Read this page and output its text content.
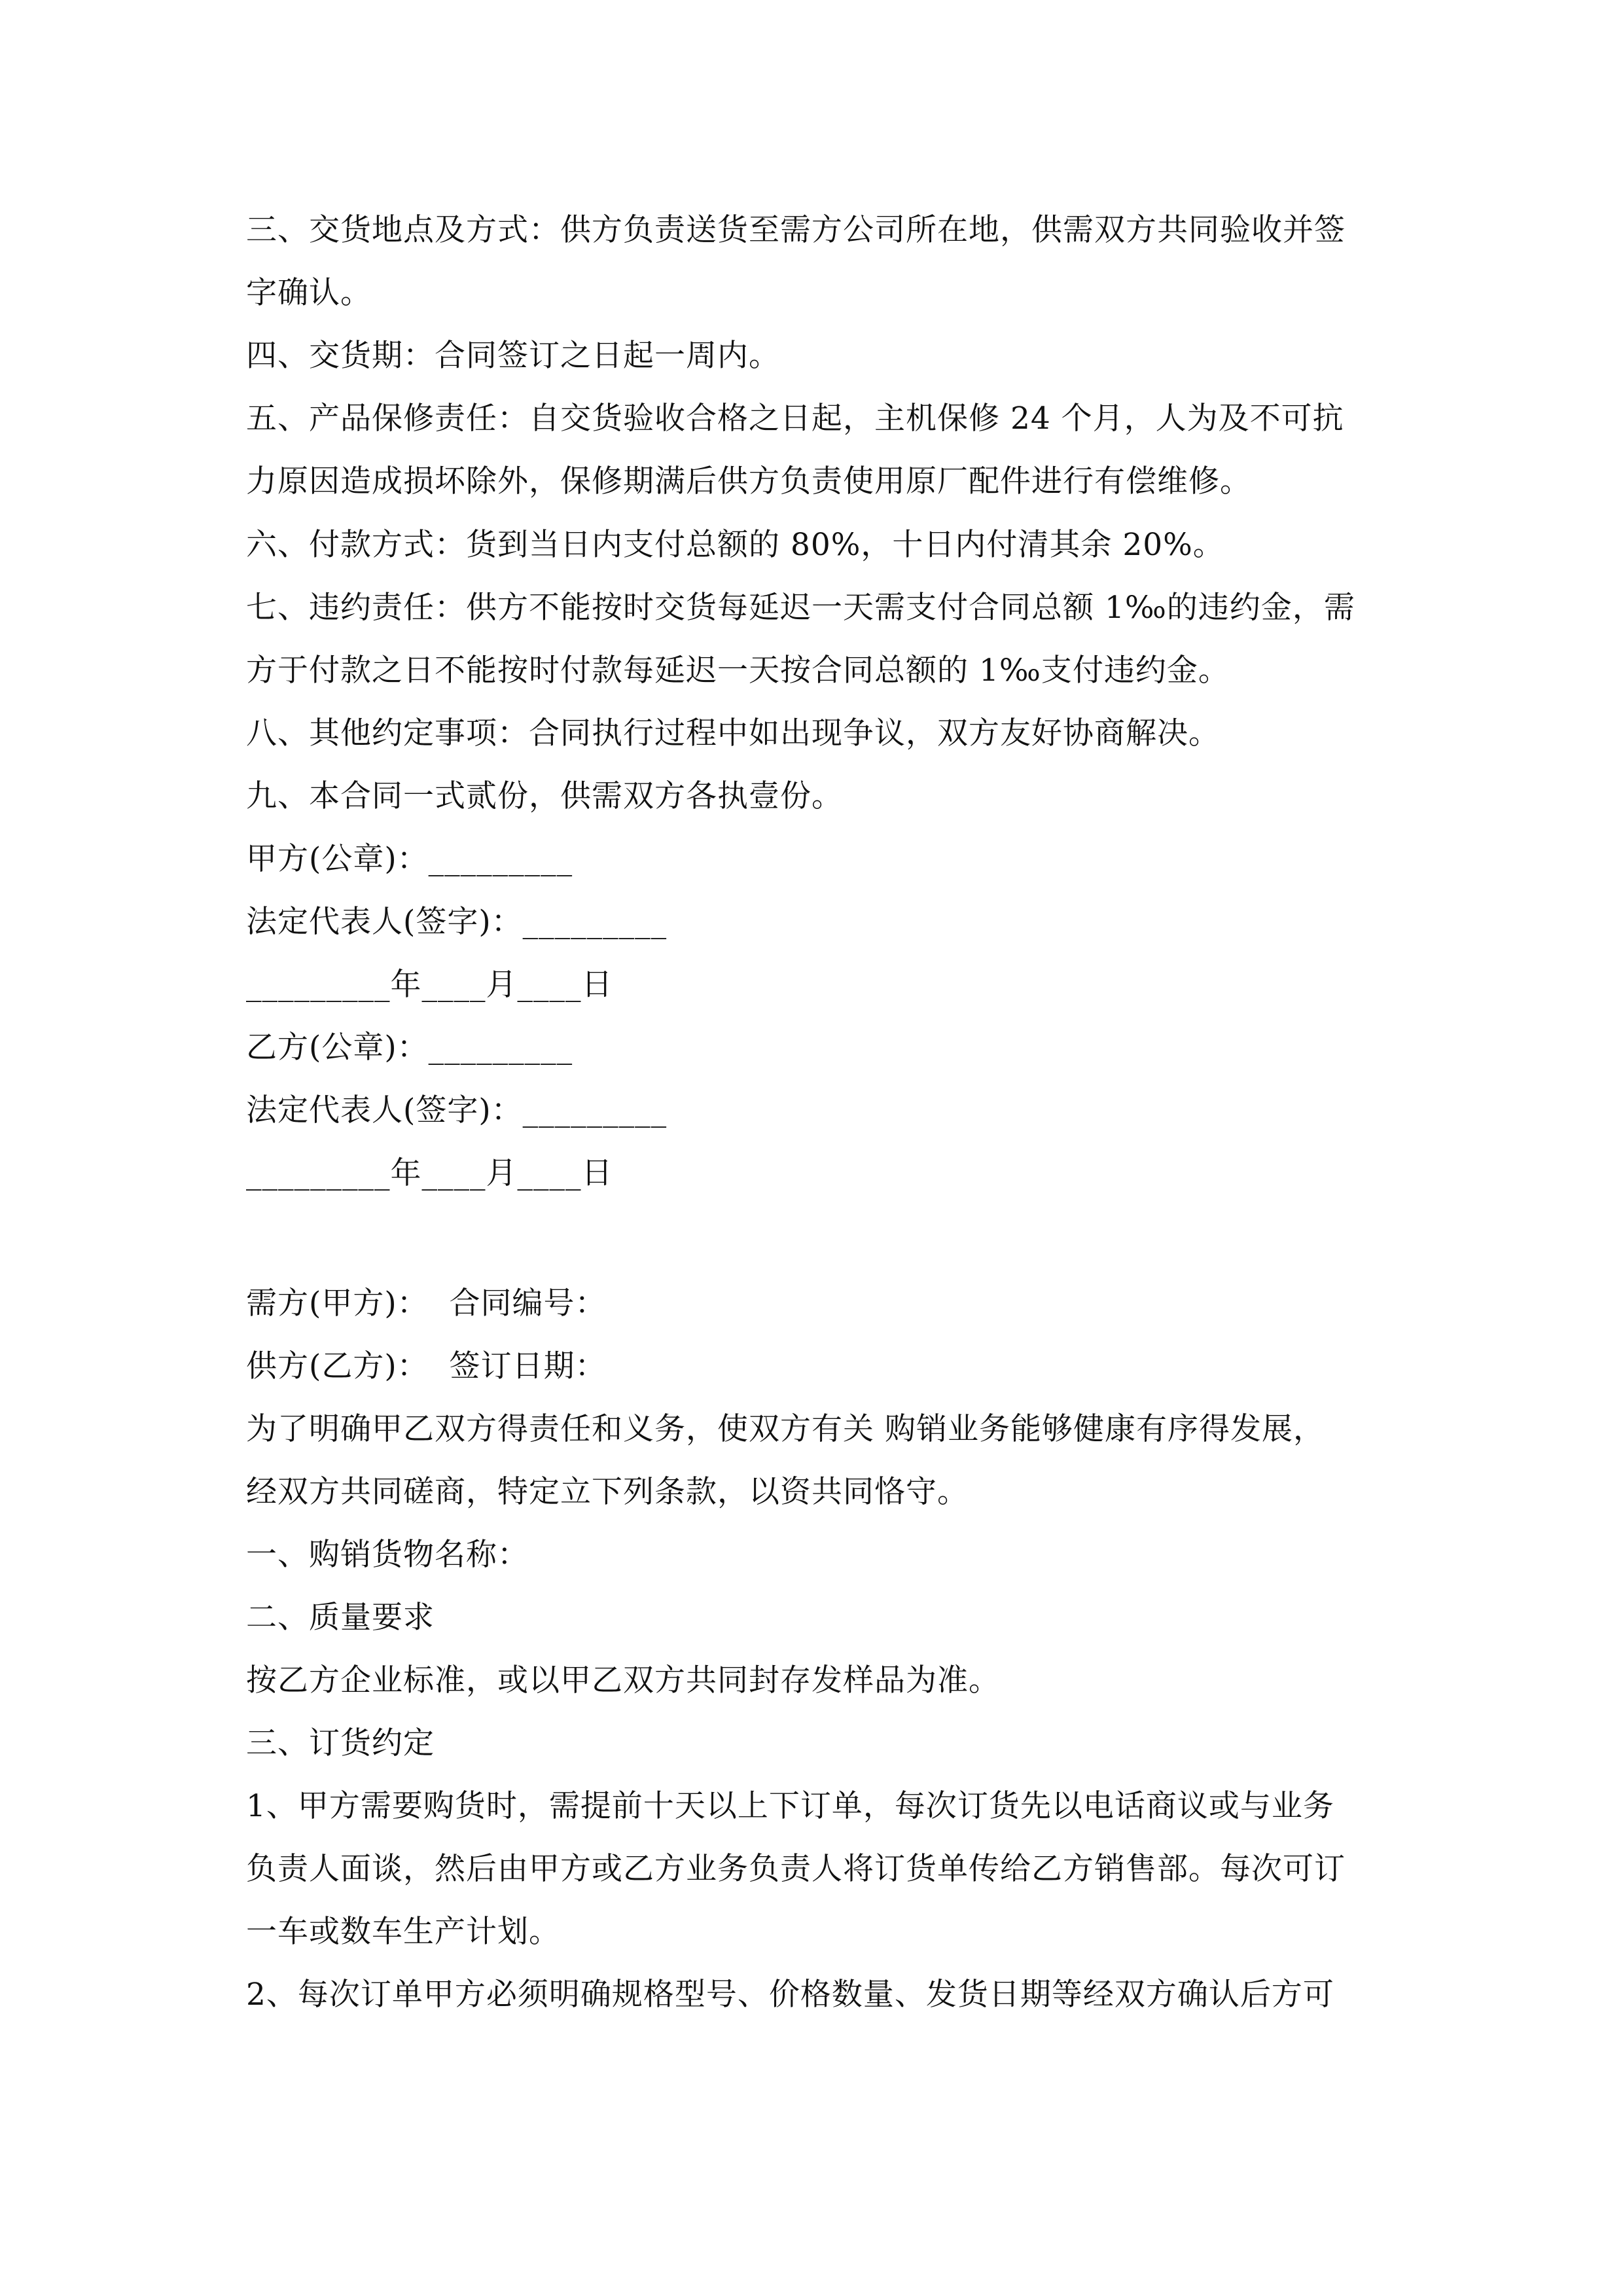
三、交货地点及方式：供方负责送货至需方公司所在地，供需双方共同验收并签
字确认。
四、交货期：合同签订之日起一周内。
五、产品保修责任：自交货验收合格之日起，主机保修 24 个月，人为及不可抗
力原因造成损坏除外，保修期满后供方负责使用原厂配件进行有偿维修。
六、付款方式：货到当日内支付总额的 80%，十日内付清其余 20%。
七、违约责任：供方不能按时交货每延迟一天需支付合同总额 1‰的违约金，需
方于付款之日不能按时付款每延迟一天按合同总额的 1‰支付违约金。
八、其他约定事项：合同执行过程中如出现争议，双方友好协商解决。
九、本合同一式贰份，供需双方各执壹份。
甲方(公章)：_________
法定代表人(签字)：_________
_________年____月____日
乙方(公章)：_________
法定代表人(签字)：_________
_________年____月____日
需方(甲方)：  合同编号：
供方(乙方)：  签订日期：
为了明确甲乙双方得责任和义务，使双方有关 购销业务能够健康有序得发展，
经双方共同磋商，特定立下列条款，以资共同恪守。
一、购销货物名称：
二、质量要求
按乙方企业标准，或以甲乙双方共同封存发样品为准。
三、订货约定
1、甲方需要购货时，需提前十天以上下订单，每次订货先以电话商议或与业务
负责人面谈，然后由甲方或乙方业务负责人将订货单传给乙方销售部。每次可订
一车或数车生产计划。
2、每次订单甲方必须明确规格型号、价格数量、发货日期等经双方确认后方可
